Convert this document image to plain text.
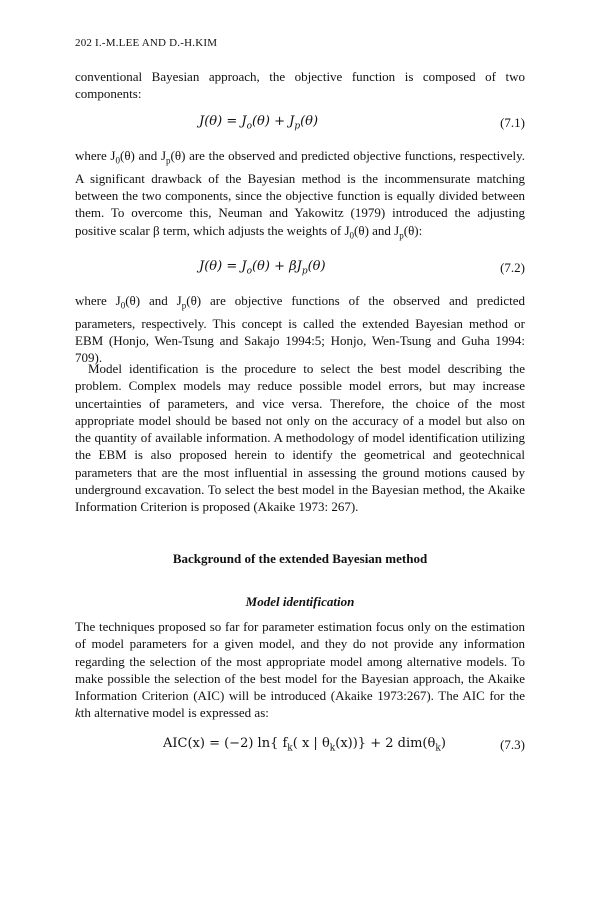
202 I.-M.LEE AND D.-H.KIM

conventional Bayesian approach, the objective function is composed of two components:

$J(\theta) = J_o(\theta) + J_p(\theta)$	(7.1)

where $J_0(\theta)$ and $J_p(\theta)$ are the observed and predicted objective functions, respectively. A significant drawback of the Bayesian method is the incommensurate matching between the two components, since the objective function is equally divided between them. To overcome this, Neuman and Yakowitz (1979) introduced the adjusting positive scalar β term, which adjusts the weights of $J_0(\theta)$ and $J_p(\theta)$:

$J(\theta) = J_o(\theta) + \beta J_p(\theta)$	(7.2)

where $J_0(\theta)$ and $J_p(\theta)$ are objective functions of the observed and predicted parameters, respectively. This concept is called the extended Bayesian method or EBM (Honjo, Wen-Tsung and Sakajo 1994:5; Honjo, Wen-Tsung and Guha 1994: 709).

Model identification is the procedure to select the best model describing the problem. Complex models may reduce possible model errors, but may increase uncertainties of parameters, and vice versa. Therefore, the choice of the most appropriate model should be based not only on the accuracy of a model but also on the quantity of available information. A methodology of model identification utilizing the EBM is also proposed herein to identify the geometrical and geotechnical parameters that are the most influential in assessing the ground motions caused by underground excavation. To select the best model in the Bayesian method, the Akaike Information Criterion is proposed (Akaike 1973: 267).

Background of the extended Bayesian method

Model identification

The techniques proposed so far for parameter estimation focus only on the estimation of model parameters for a given model, and they do not provide any information regarding the selection of the most appropriate model among alternative models. To make possible the selection of the best model for the Bayesian approach, the Akaike Information Criterion (AIC) will be introduced (Akaike 1973:267). The AIC for the kth alternative model is expressed as:

AIC(x) = (−2) ln{ $f_k$( x | $\theta_k(x))\} + 2$ $dim(\theta_k)$	(7.3)
